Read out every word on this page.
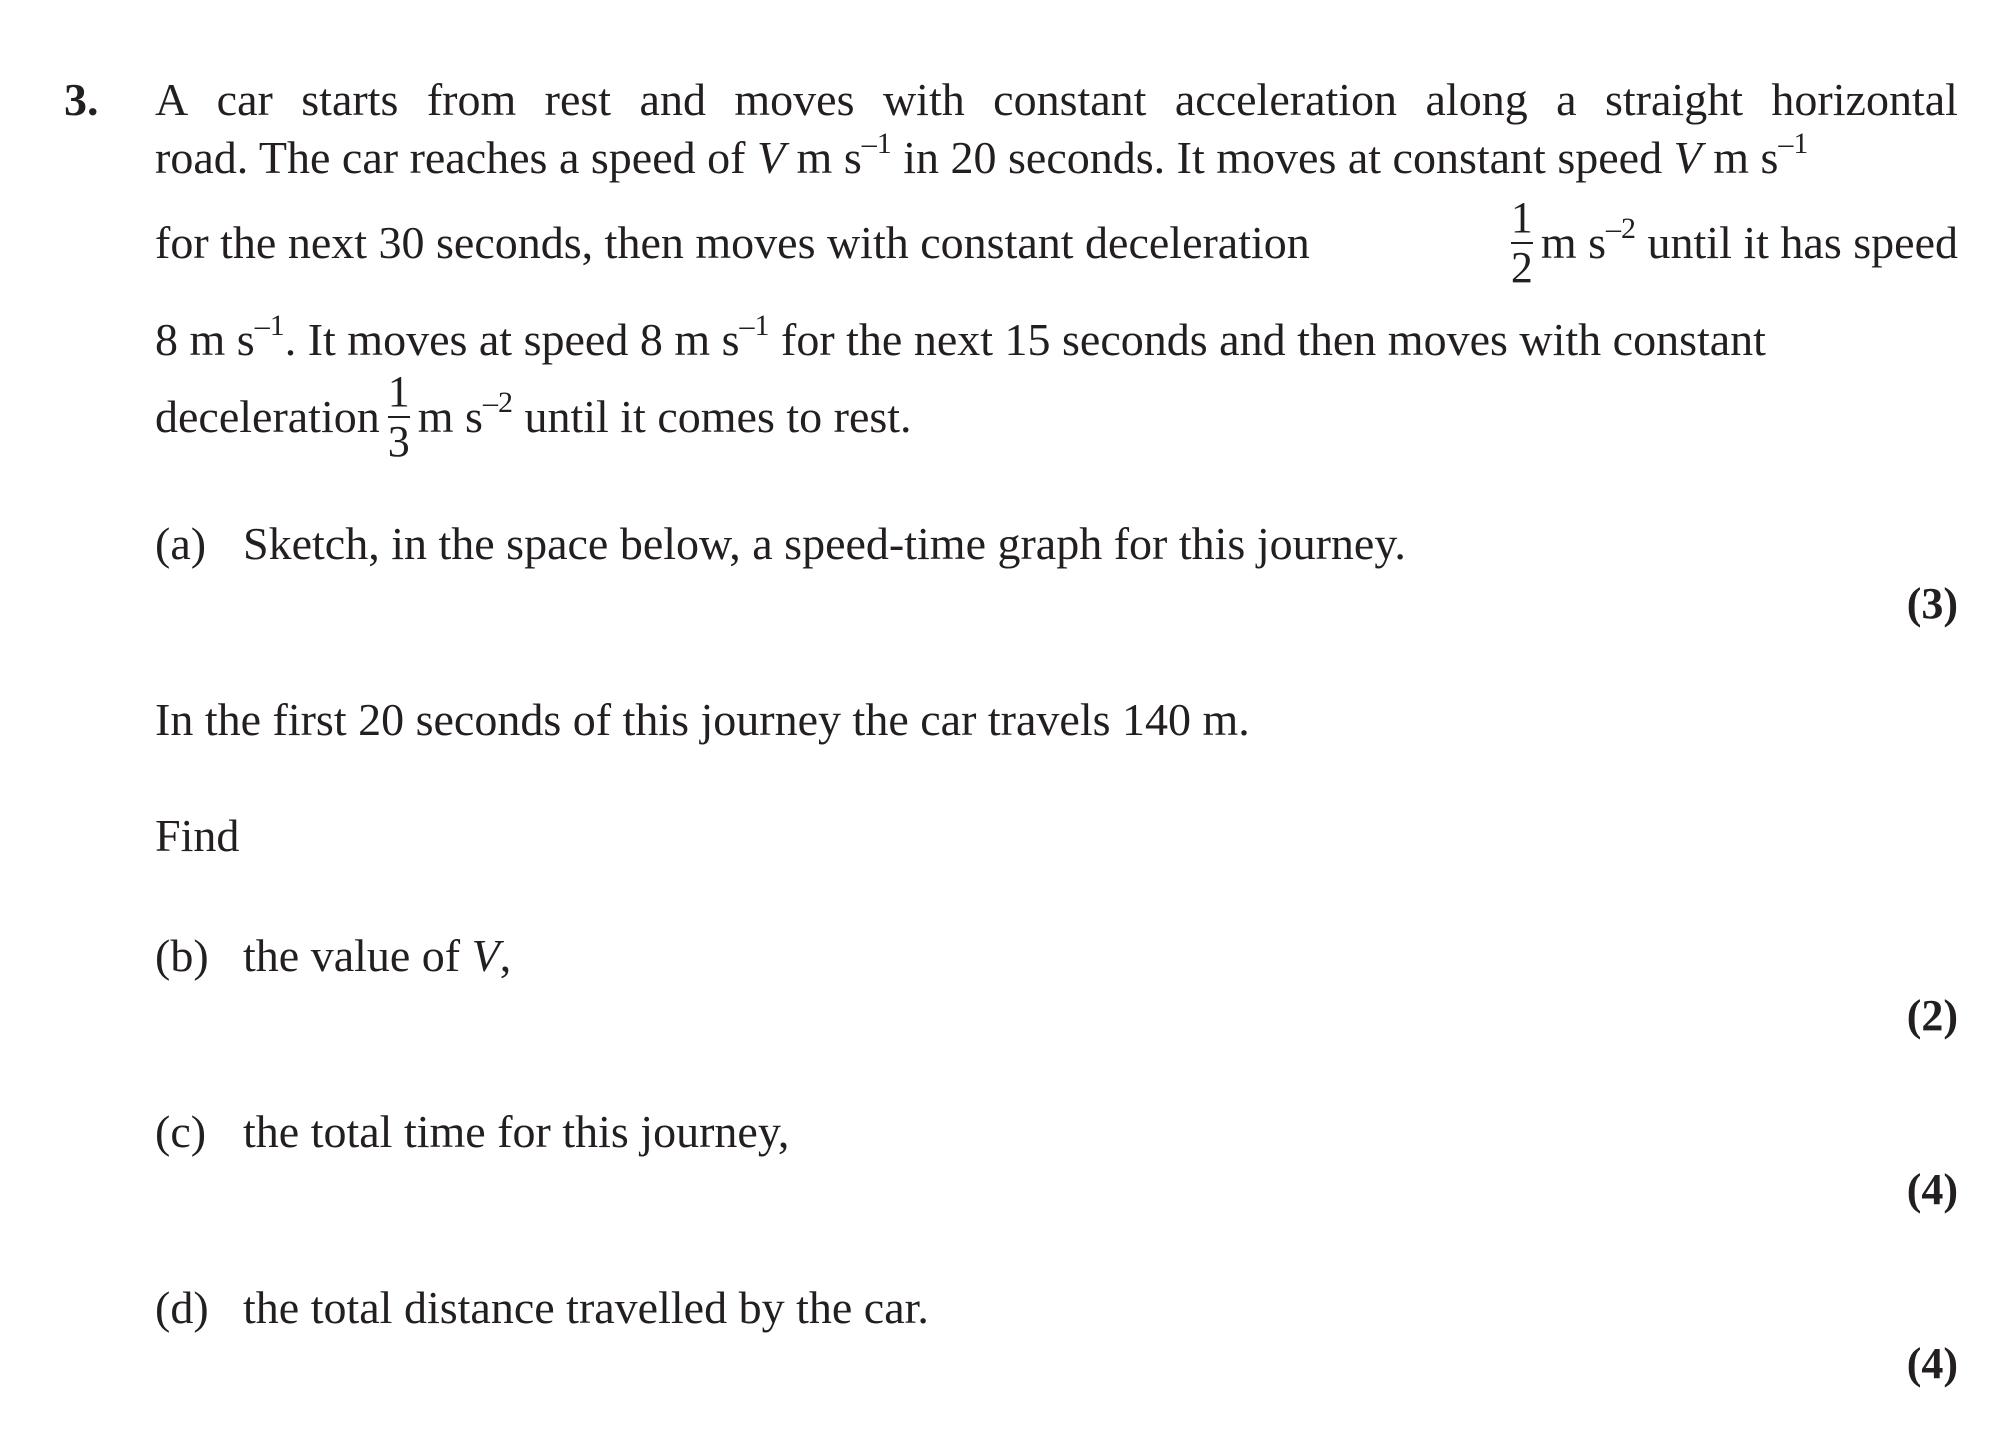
3. A car starts from rest and moves with constant acceleration along a straight horizontal
road. The car reaches a speed of V m $s^{-1}$ in 20 seconds. It moves at constant speed V m $s^{-1}$
for the next 30 seconds, then moves with constant deceleration	$\frac{1}{2}$ m $s^{-2}$ until it has speed
8 m $s^{-1}$. It moves at speed 8 m $s^{-1}$ for the next 15 seconds and then moves with constant
deceleration $\frac{1}{3}$ m $s^{-2}$ until it comes to rest.
(a) Sketch, in the space below, a speed-time graph for this journey.
(3)
In the first 20 seconds of this journey the car travels 140 m.
Find
(b) the value of V,
(2)
(c) the total time for this journey,
(4)
(d) the total distance travelled by the car.
(4)
